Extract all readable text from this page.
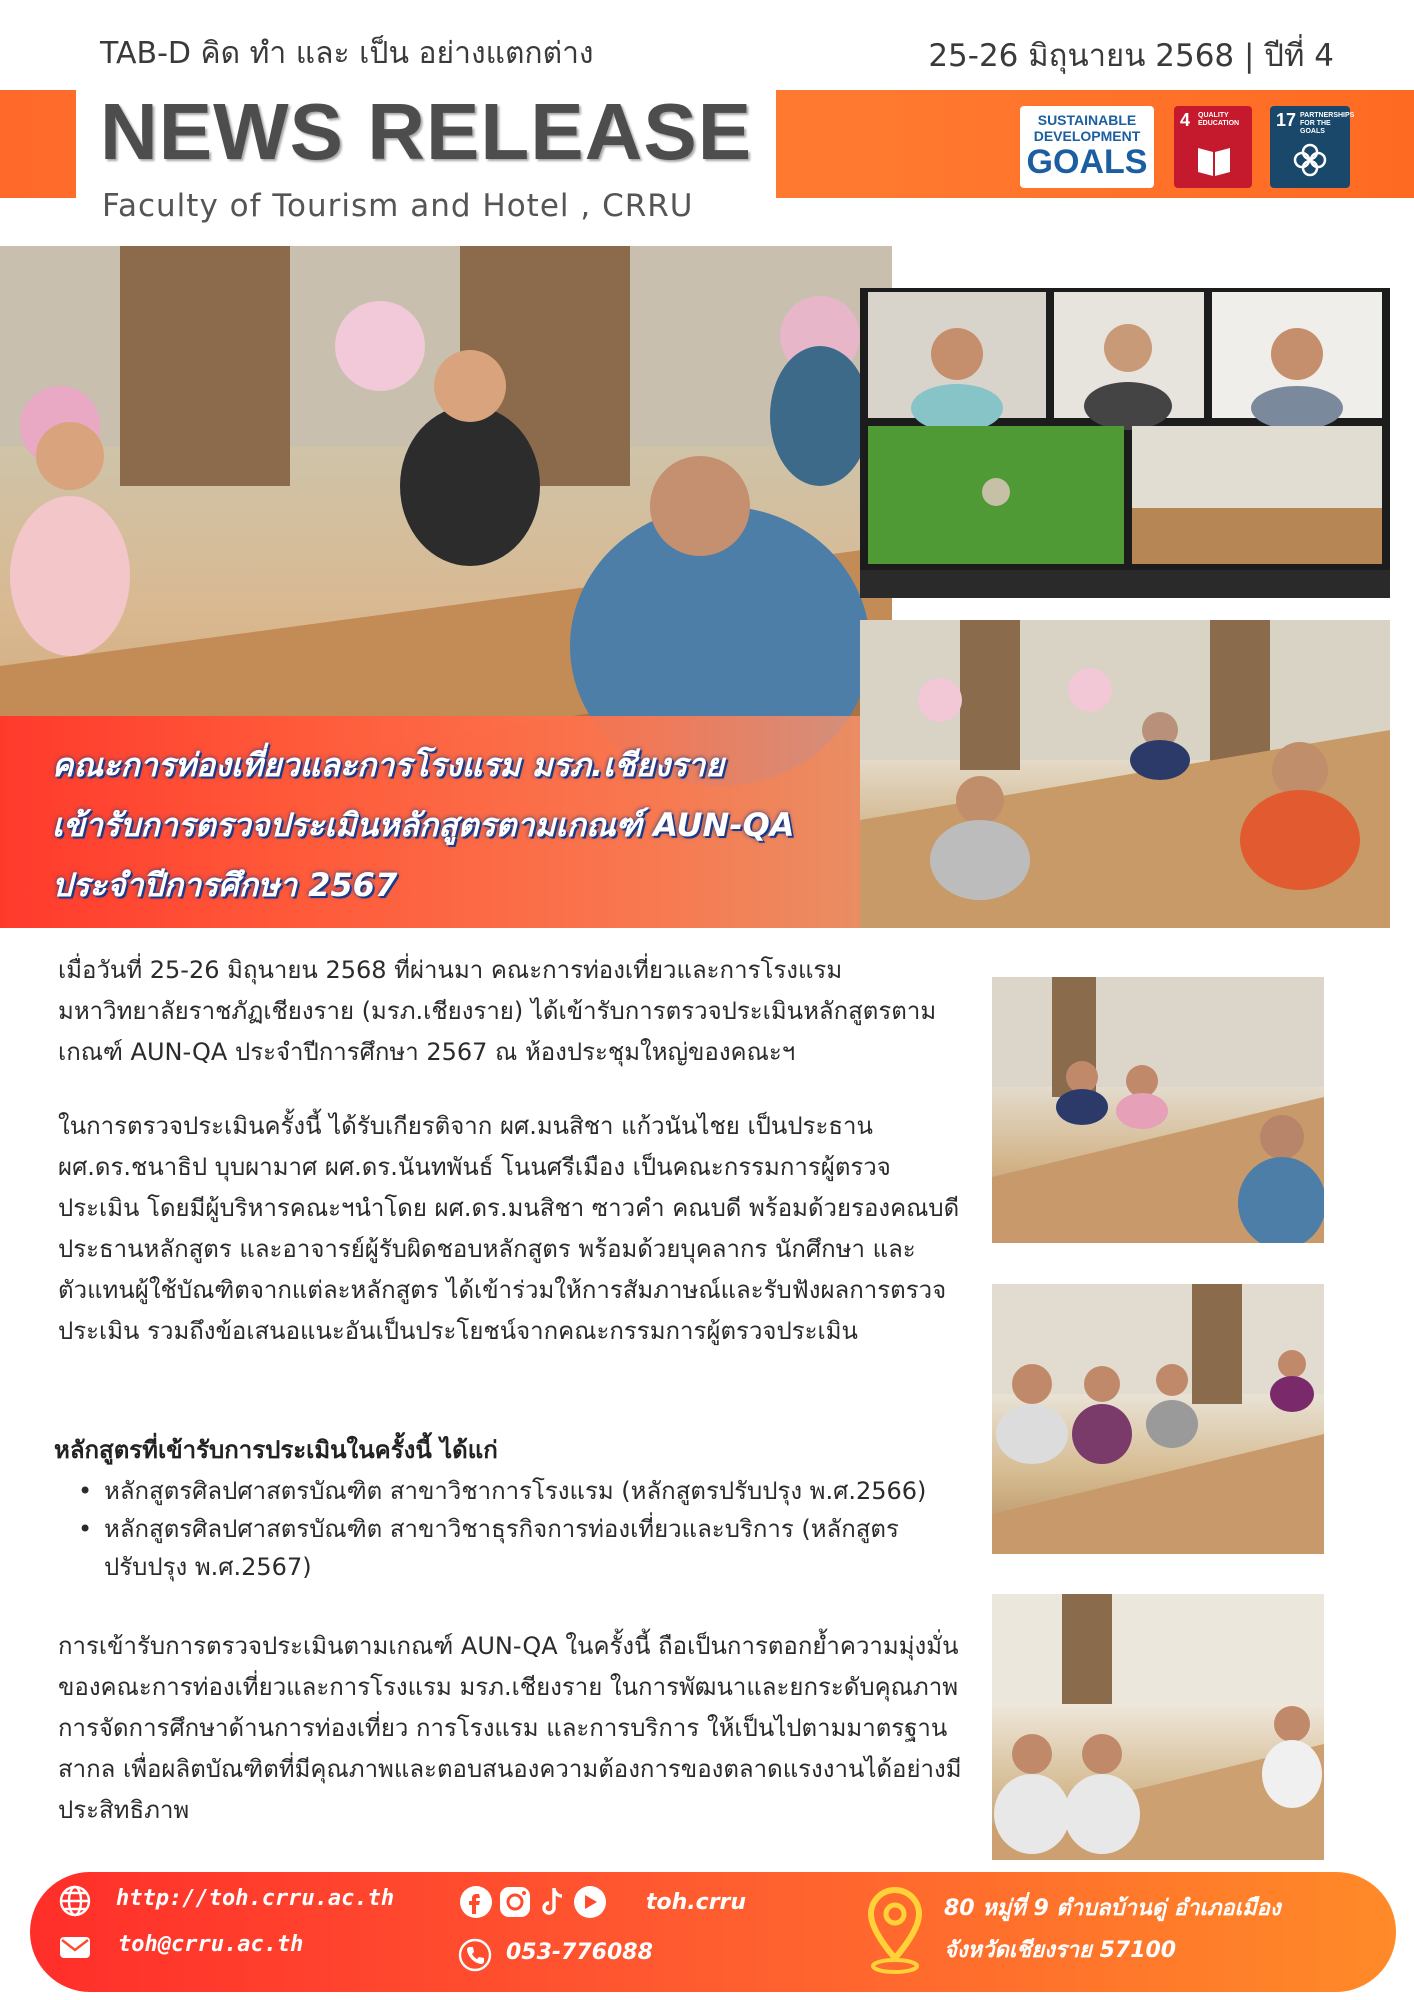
TAB-D คิด ทำ และ เป็น อย่างแตกต่าง	25-26 มิถุนายน 2568 | ปีที่ 4
NEWS RELEASE
Faculty of Tourism and Hotel , CRRU
SUSTAINABLE
DEVELOPMENT
GOALS
4 QUALITY EDUCATION	17 PARTNERSHIPS FOR THE GOALS
คณะการท่องเที่ยวและการโรงแรม มรภ.เชียงราย
เข้ารับการตรวจประเมินหลักสูตรตามเกณฑ์ AUN-QA
ประจำปีการศึกษา 2567
เมื่อวันที่ 25-26 มิถุนายน 2568 ที่ผ่านมา คณะการท่องเที่ยวและการโรงแรม มหาวิทยาลัยราชภัฏเชียงราย (มรภ.เชียงราย) ได้เข้ารับการตรวจประเมินหลักสูตรตามเกณฑ์ AUN-QA ประจำปีการศึกษา 2567 ณ ห้องประชุมใหญ่ของคณะฯ
ในการตรวจประเมินครั้งนี้ ได้รับเกียรติจาก ผศ.มนสิชา แก้วนันไชย เป็นประธาน ผศ.ดร.ชนาธิป บุบผามาศ ผศ.ดร.นันทพันธ์ โนนศรีเมือง เป็นคณะกรรมการผู้ตรวจประเมิน โดยมีผู้บริหารคณะฯนำโดย ผศ.ดร.มนสิชา ซาวคำ คณบดี พร้อมด้วยรองคณบดี ประธานหลักสูตร และอาจารย์ผู้รับผิดชอบหลักสูตร พร้อมด้วยบุคลากร นักศึกษา และตัวแทนผู้ใช้บัณฑิตจากแต่ละหลักสูตร ได้เข้าร่วมให้การสัมภาษณ์และรับฟังผลการตรวจประเมิน รวมถึงข้อเสนอแนะอันเป็นประโยชน์จากคณะกรรมการผู้ตรวจประเมิน
หลักสูตรที่เข้ารับการประเมินในครั้งนี้ ได้แก่
• หลักสูตรศิลปศาสตรบัณฑิต สาขาวิชาการโรงแรม (หลักสูตรปรับปรุง พ.ศ.2566)
• หลักสูตรศิลปศาสตรบัณฑิต สาขาวิชาธุรกิจการท่องเที่ยวและบริการ (หลักสูตรปรับปรุง พ.ศ.2567)
การเข้ารับการตรวจประเมินตามเกณฑ์ AUN-QA ในครั้งนี้ ถือเป็นการตอกย้ำความมุ่งมั่นของคณะการท่องเที่ยวและการโรงแรม มรภ.เชียงราย ในการพัฒนาและยกระดับคุณภาพการจัดการศึกษาด้านการท่องเที่ยว การโรงแรม และการบริการ ให้เป็นไปตามมาตรฐานสากล เพื่อผลิตบัณฑิตที่มีคุณภาพและตอบสนองความต้องการของตลาดแรงงานได้อย่างมีประสิทธิภาพ
http://toh.crru.ac.th
toh@crru.ac.th
toh.crru
053-776088
80 หมู่ที่ 9 ตำบลบ้านดู่ อำเภอเมือง
จังหวัดเชียงราย 57100
